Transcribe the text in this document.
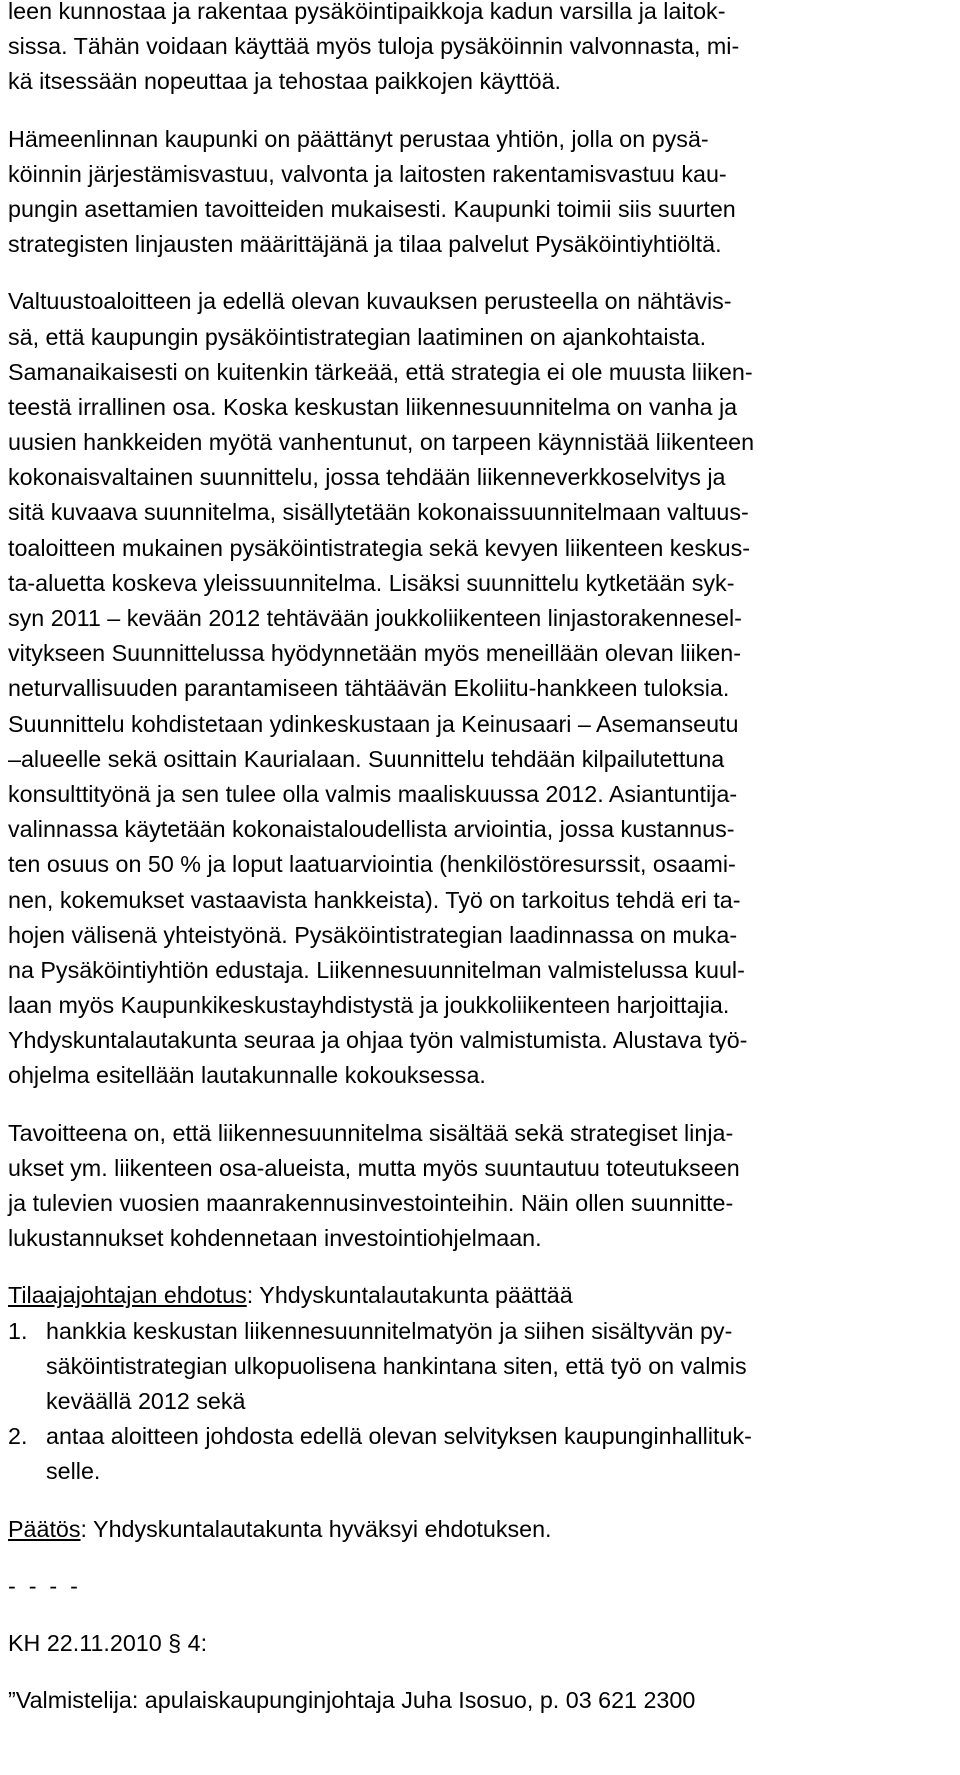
leen kunnostaa ja rakentaa pysäköintipaikkoja kadun varsilla ja laitok-
sissa. Tähän voidaan käyttää myös tuloja pysäköinnin valvonnasta, mi-
kä itsessään nopeuttaa ja tehostaa paikkojen käyttöä.
Hämeenlinnan kaupunki on päättänyt perustaa yhtiön, jolla on pysä-
köinnin järjestämisvastuu, valvonta ja laitosten rakentamisvastuu kau-
pungin asettamien tavoitteiden mukaisesti. Kaupunki toimii siis suurten
strategisten linjausten määrittäjänä ja tilaa palvelut Pysäköintiyhtiöltä.
Valtuustoaloitteen ja edellä olevan kuvauksen perusteella on nähtävis-
sä, että kaupungin pysäköintistrategian laatiminen on ajankohtaista.
Samanaikaisesti on kuitenkin tärkeää, että strategia ei ole muusta liiken-
teestä irrallinen osa. Koska keskustan liikennesuunnitelma on vanha ja
uusien hankkeiden myötä vanhentunut, on tarpeen käynnistää liikenteen
kokonaisvaltainen suunnittelu, jossa tehdään liikenneverkkoselvitys ja
sitä kuvaava suunnitelma, sisällytetään kokonaissuunnitelmaan valtuus-
toaloitteen mukainen pysäköintistrategia sekä kevyen liikenteen keskus-
ta-aluetta koskeva yleissuunnitelma. Lisäksi suunnittelu kytketään syk-
syn 2011 – kevään 2012 tehtävään joukkoliikenteen linjastorakennesel-
vitykseen Suunnittelussa hyödynnetään myös meneillään olevan liiken-
neturvallisuuden parantamiseen tähtäävän Ekoliitu-hankkeen tuloksia.
Suunnittelu kohdistetaan ydinkeskustaan ja Keinusaari – Asemanseutu
–alueelle sekä osittain Kaurialaan. Suunnittelu tehdään kilpailutettuna
konsulttityönä ja sen tulee olla valmis maaliskuussa 2012. Asiantuntija-
valinnassa käytetään kokonaistaloudellista arviointia, jossa kustannus-
ten osuus on 50 % ja loput laatuarviointia (henkilöstöresurssit, osaami-
nen, kokemukset vastaavista hankkeista). Työ on tarkoitus tehdä eri ta-
hojen välisenä yhteistyönä. Pysäköintistrategian laadinnassa on muka-
na Pysäköintiyhtiön edustaja. Liikennesuunnitelman valmistelussa kuul-
laan myös Kaupunkikeskustayhdistystä ja joukkoliikenteen harjoittajia.
Yhdyskuntalautakunta seuraa ja ohjaa työn valmistumista. Alustava työ-
ohjelma esitellään lautakunnalle kokouksessa.
Tavoitteena on, että liikennesuunnitelma sisältää sekä strategiset linja-
ukset ym. liikenteen osa-alueista, mutta myös suuntautuu toteutukseen
ja tulevien vuosien maanrakennusinvestointeihin. Näin ollen suunnitte-
lukustannukset kohdennetaan investointiohjelmaan.
Tilaajajohtajan ehdotus: Yhdyskuntalautakunta päättää
1. hankkia keskustan liikennesuunnitelmatyön ja siihen sisältyvän py-
säköintistrategian ulkopuolisena hankintana siten, että työ on valmis
keväällä 2012 sekä
2. antaa aloitteen johdosta edellä olevan selvityksen kaupunginhallituk-
selle.
Päätös: Yhdyskuntalautakunta hyväksyi ehdotuksen.
-  -  -  -
KH 22.11.2010 § 4:
”Valmistelija: apulaiskaupunginjohtaja Juha Isosuo, p. 03 621 2300
